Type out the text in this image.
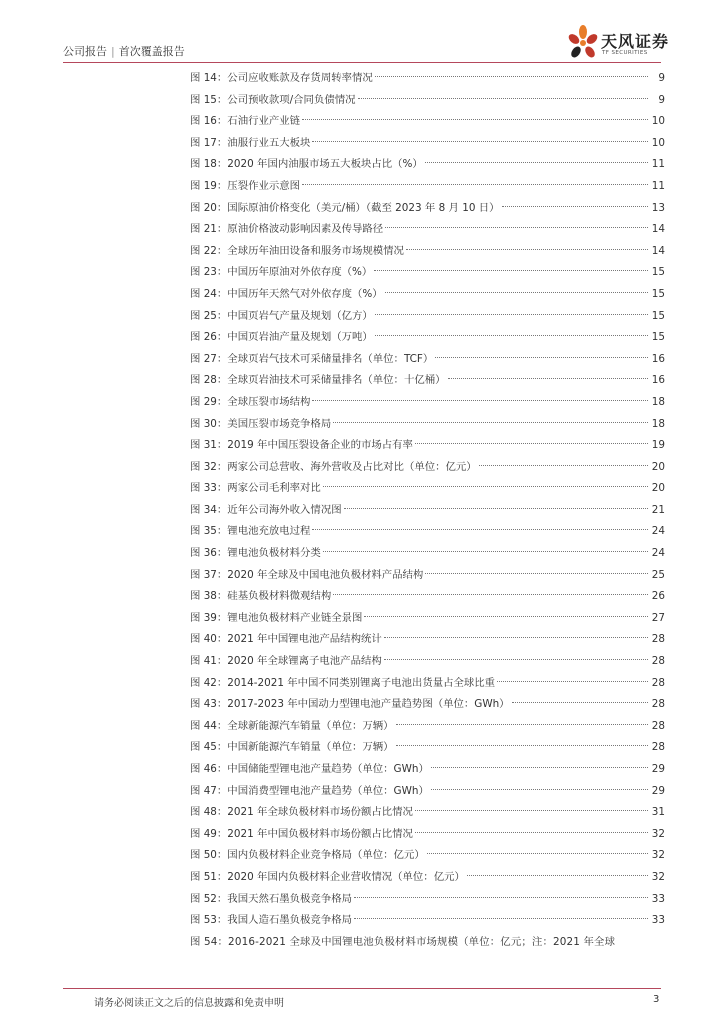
公司报告 | 首次覆盖报告
天风证券
TF SECURITIES
图 14：公司应收账款及存货周转率情况	9
图 15：公司预收款项/合同负债情况	9
图 16：石油行业产业链	10
图 17：油服行业五大板块	10
图 18：2020 年国内油服市场五大板块占比（%）	11
图 19：压裂作业示意图	11
图 20：国际原油价格变化（美元/桶）（截至 2023 年 8 月 10 日）	13
图 21：原油价格波动影响因素及传导路径	14
图 22：全球历年油田设备和服务市场规模情况	14
图 23：中国历年原油对外依存度（%）	15
图 24：中国历年天然气对外依存度（%）	15
图 25：中国页岩气产量及规划（亿方）	15
图 26：中国页岩油产量及规划（万吨）	15
图 27：全球页岩气技术可采储量排名（单位：TCF）	16
图 28：全球页岩油技术可采储量排名（单位：十亿桶）	16
图 29：全球压裂市场结构	18
图 30：美国压裂市场竞争格局	18
图 31：2019 年中国压裂设备企业的市场占有率	19
图 32：两家公司总营收、海外营收及占比对比（单位：亿元）	20
图 33：两家公司毛利率对比	20
图 34：近年公司海外收入情况图	21
图 35：锂电池充放电过程	24
图 36：锂电池负极材料分类	24
图 37：2020 年全球及中国电池负极材料产品结构	25
图 38：硅基负极材料微观结构	26
图 39：锂电池负极材料产业链全景图	27
图 40：2021 年中国锂电池产品结构统计	28
图 41：2020 年全球锂离子电池产品结构	28
图 42：2014-2021 年中国不同类别锂离子电池出货量占全球比重	28
图 43：2017-2023 年中国动力型锂电池产量趋势图（单位：GWh）	28
图 44：全球新能源汽车销量（单位：万辆）	28
图 45：中国新能源汽车销量（单位：万辆）	28
图 46：中国储能型锂电池产量趋势（单位：GWh）	29
图 47：中国消费型锂电池产量趋势（单位：GWh）	29
图 48：2021 年全球负极材料市场份额占比情况	31
图 49：2021 年中国负极材料市场份额占比情况	32
图 50：国内负极材料企业竞争格局（单位：亿元）	32
图 51：2020 年国内负极材料企业营收情况（单位：亿元）	32
图 52：我国天然石墨负极竞争格局	33
图 53：我国人造石墨负极竞争格局	33
图 54：2016-2021 全球及中国锂电池负极材料市场规模（单位：亿元；注：2021 年全球
请务必阅读正文之后的信息披露和免责申明	3
